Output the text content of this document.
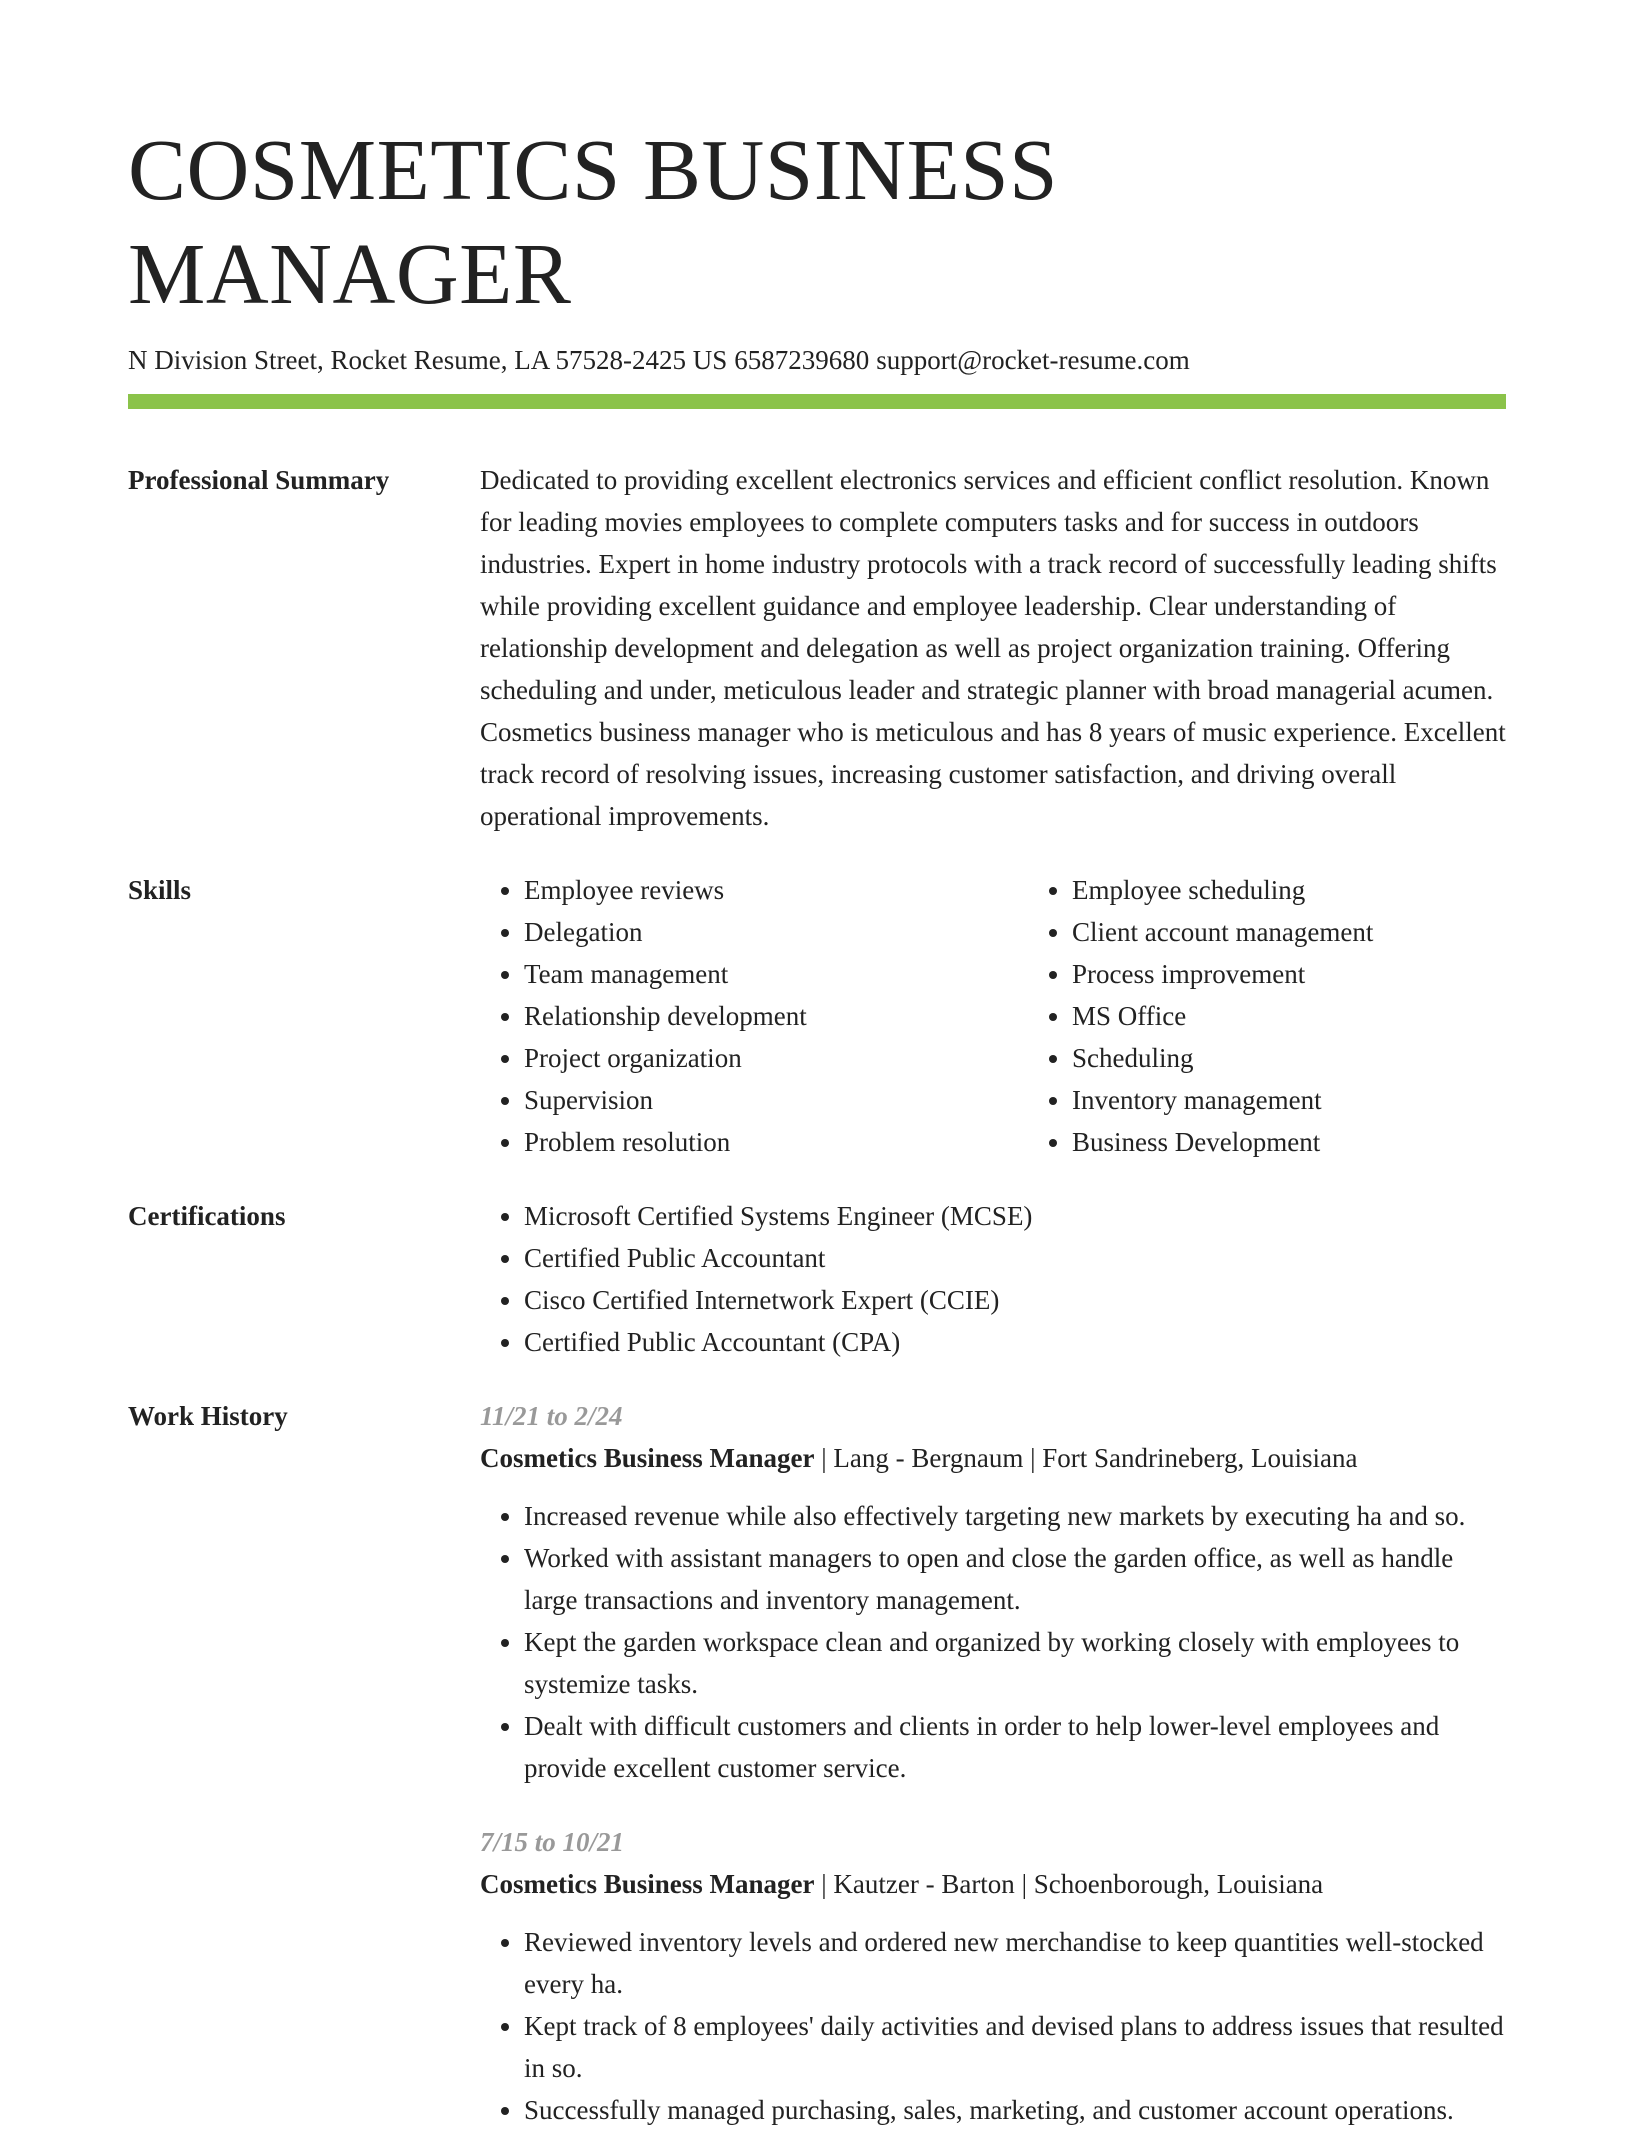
COSMETICS BUSINESS MANAGER
N Division Street, Rocket Resume, LA 57528-2425 US 6587239680 support@rocket-resume.com
Professional Summary	Dedicated to providing excellent electronics services and efficient conflict resolution. Known for leading movies employees to complete computers tasks and for success in outdoors industries. Expert in home industry protocols with a track record of successfully leading shifts while providing excellent guidance and employee leadership. Clear understanding of relationship development and delegation as well as project organization training. Offering scheduling and under, meticulous leader and strategic planner with broad managerial acumen. Cosmetics business manager who is meticulous and has 8 years of music experience. Excellent track record of resolving issues, increasing customer satisfaction, and driving overall operational improvements.

Skills	• Employee reviews
• Delegation
• Team management
• Relationship development
• Project organization
• Supervision
• Problem resolution
• Employee scheduling
• Client account management
• Process improvement
• MS Office
• Scheduling
• Inventory management
• Business Development
Certifications	• Microsoft Certified Systems Engineer (MCSE)
• Certified Public Accountant
• Cisco Certified Internetwork Expert (CCIE)
• Certified Public Accountant (CPA)
Work History	11/21 to 2/24
Cosmetics Business Manager | Lang - Bergnaum | Fort Sandrineberg, Louisiana
• Increased revenue while also effectively targeting new markets by executing ha and so.
• Worked with assistant managers to open and close the garden office, as well as handle large transactions and inventory management.
• Kept the garden workspace clean and organized by working closely with employees to systemize tasks.
• Dealt with difficult customers and clients in order to help lower-level employees and provide excellent customer service.
7/15 to 10/21
Cosmetics Business Manager | Kautzer - Barton | Schoenborough, Louisiana
• Reviewed inventory levels and ordered new merchandise to keep quantities well-stocked every ha.
• Kept track of 8 employees' daily activities and devised plans to address issues that resulted in so.
• Successfully managed purchasing, sales, marketing, and customer account operations.
